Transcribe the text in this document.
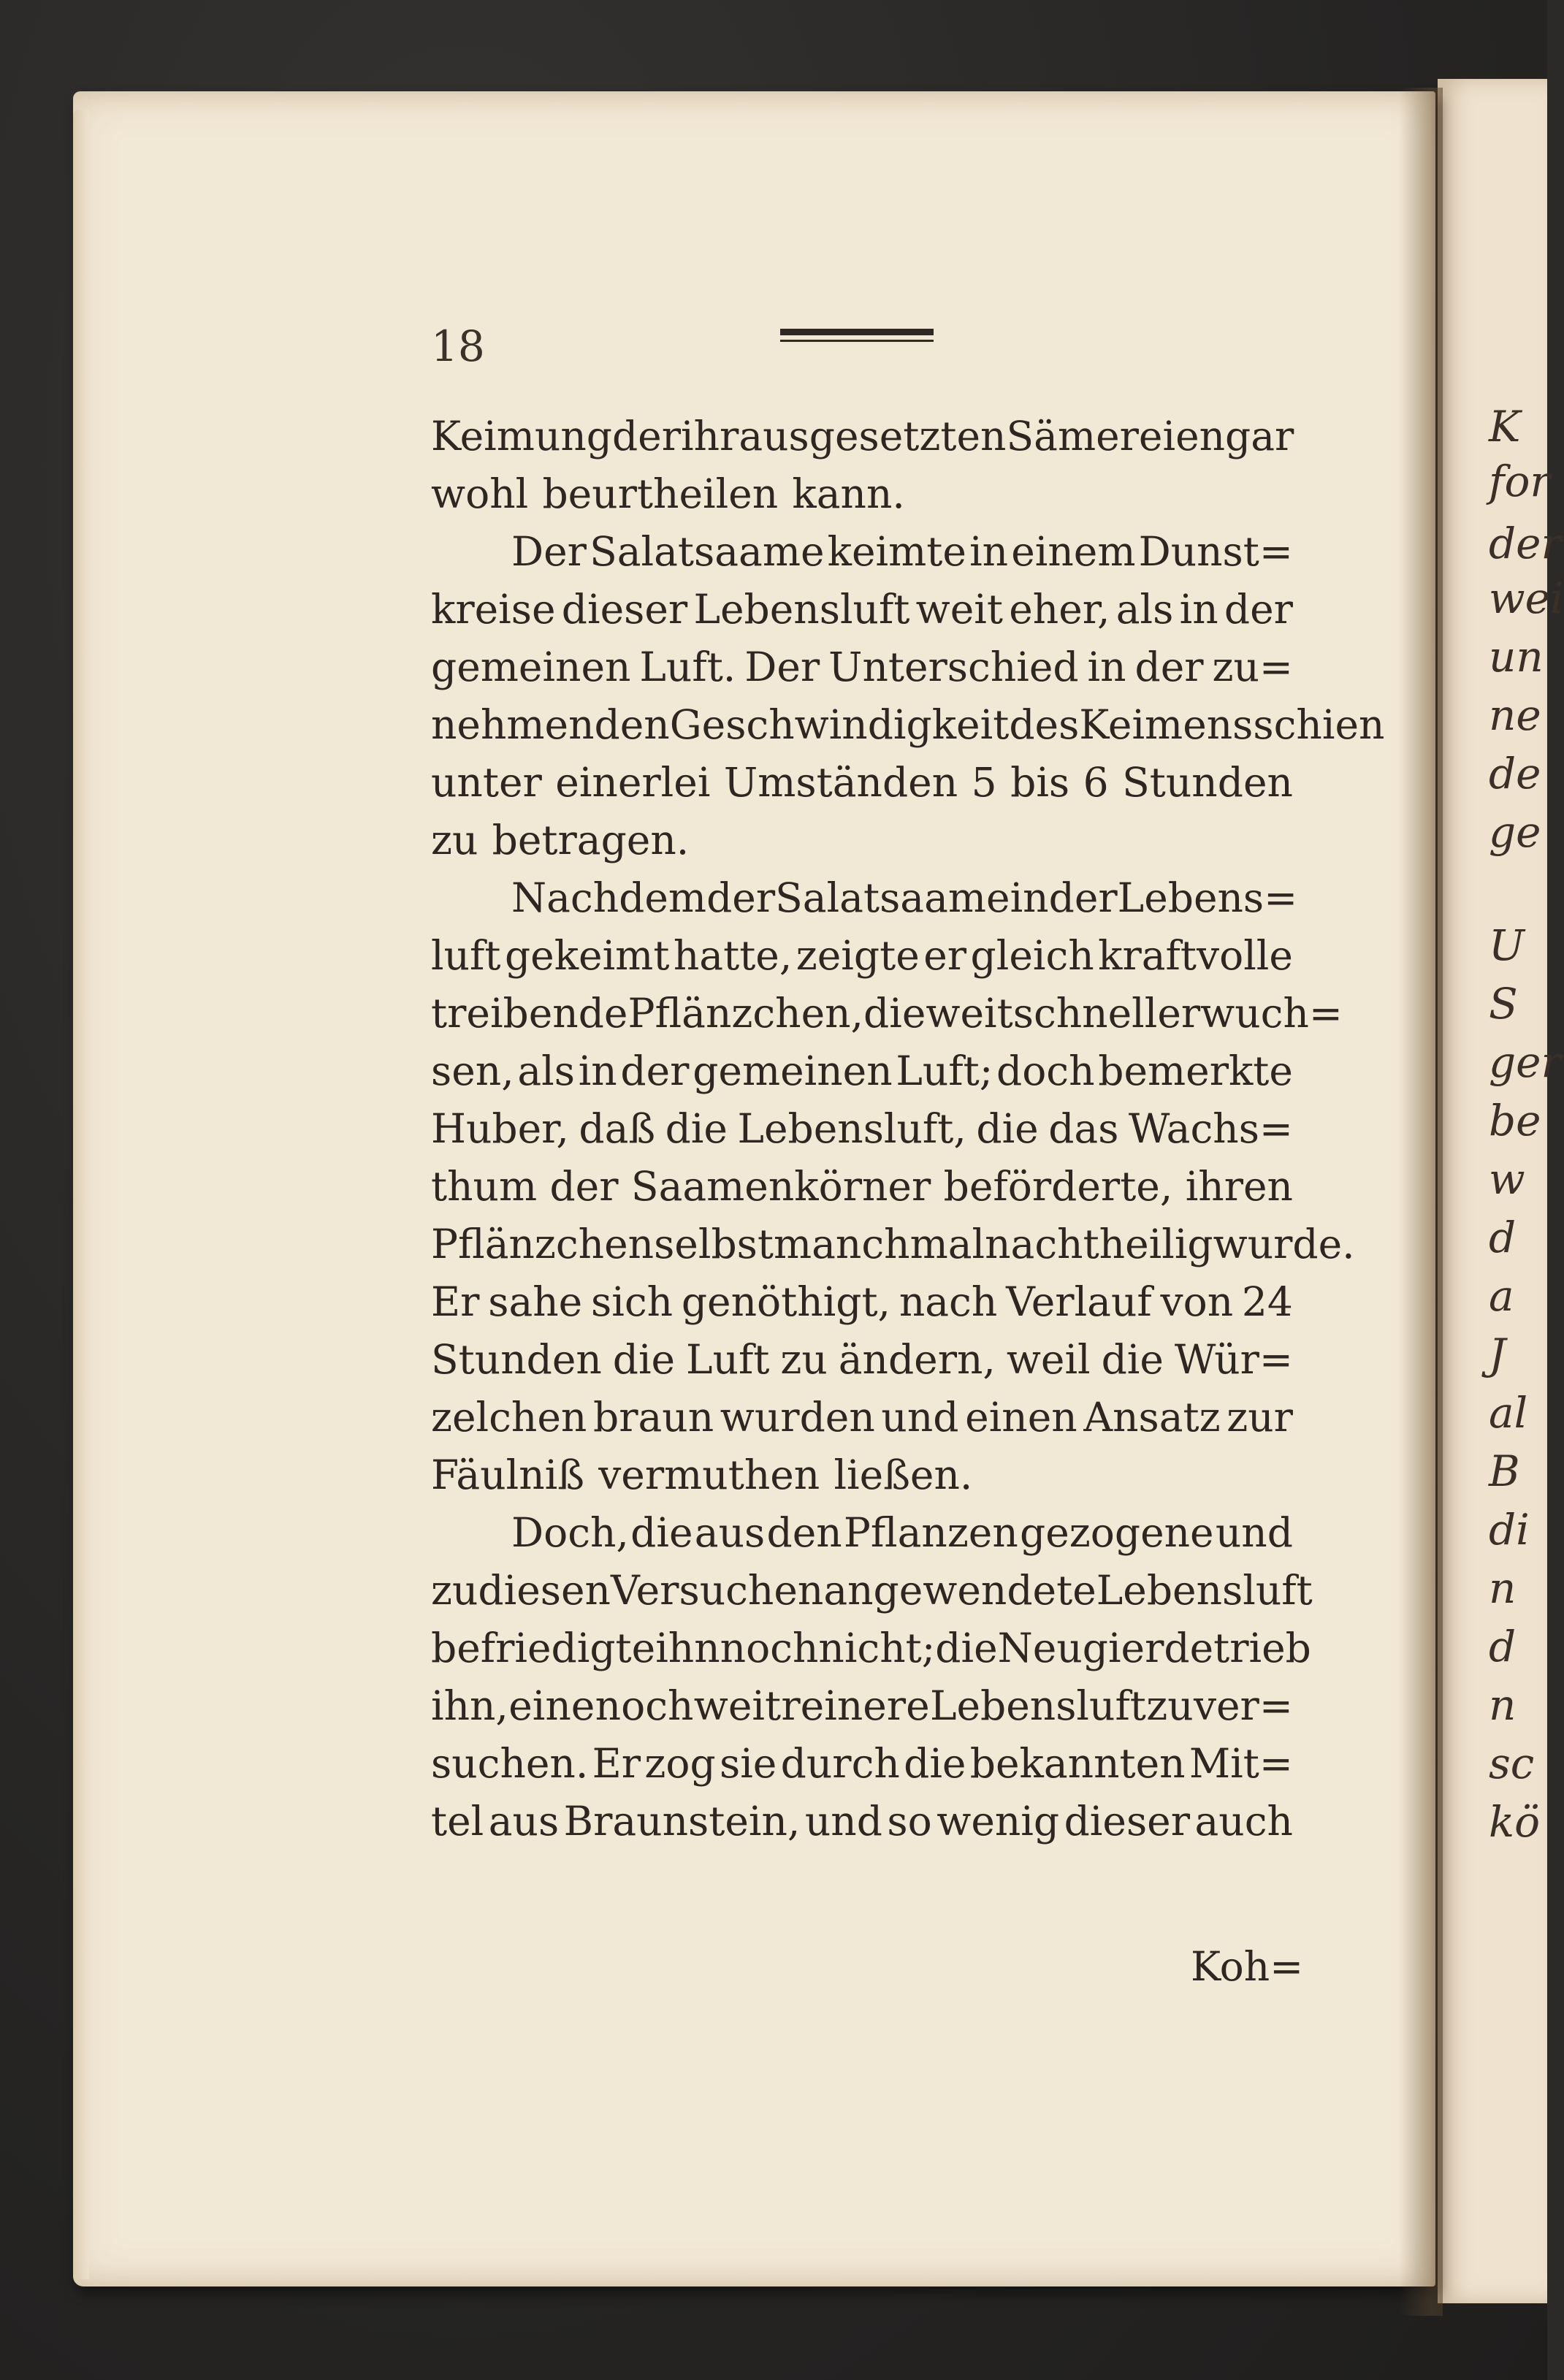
K
for
der
wei
un
ne
de
ge
U
S
ger
be
w
d
a
J
al
B
di
n
d
n
sc
kö
18
Keimung der ihr ausgesetzten Sämereien gar
wohl beurtheilen kann.
Der Salatsaame keimte in einem Dunst=
kreise dieser Lebensluft weit eher, als in der
gemeinen Luft. Der Unterschied in der zu=
nehmenden Geschwindigkeit des Keimens schien
unter einerlei Umständen 5 bis 6 Stunden
zu betragen.
Nachdem der Salatsaame in der Lebens=
luft gekeimt hatte, zeigte er gleich kraftvolle
treibende Pflänzchen, die weit schneller wuch=
sen, als in der gemeinen Luft; doch bemerkte
Huber, daß die Lebensluft, die das Wachs=
thum der Saamenkörner beförderte, ihren
Pflänzchen selbst manchmal nachtheilig wurde.
Er sahe sich genöthigt, nach Verlauf von 24
Stunden die Luft zu ändern, weil die Wür=
zelchen braun wurden und einen Ansatz zur
Fäulniß vermuthen ließen.
Doch, die aus den Pflanzen gezogene und
zu diesen Versuchen angewendete Lebensluft
befriedigte ihn noch nicht; die Neugierde trieb
ihn, eine noch weit reinere Lebensluft zu ver=
suchen. Er zog sie durch die bekannten Mit=
tel aus Braunstein, und so wenig dieser auch
Koh=
